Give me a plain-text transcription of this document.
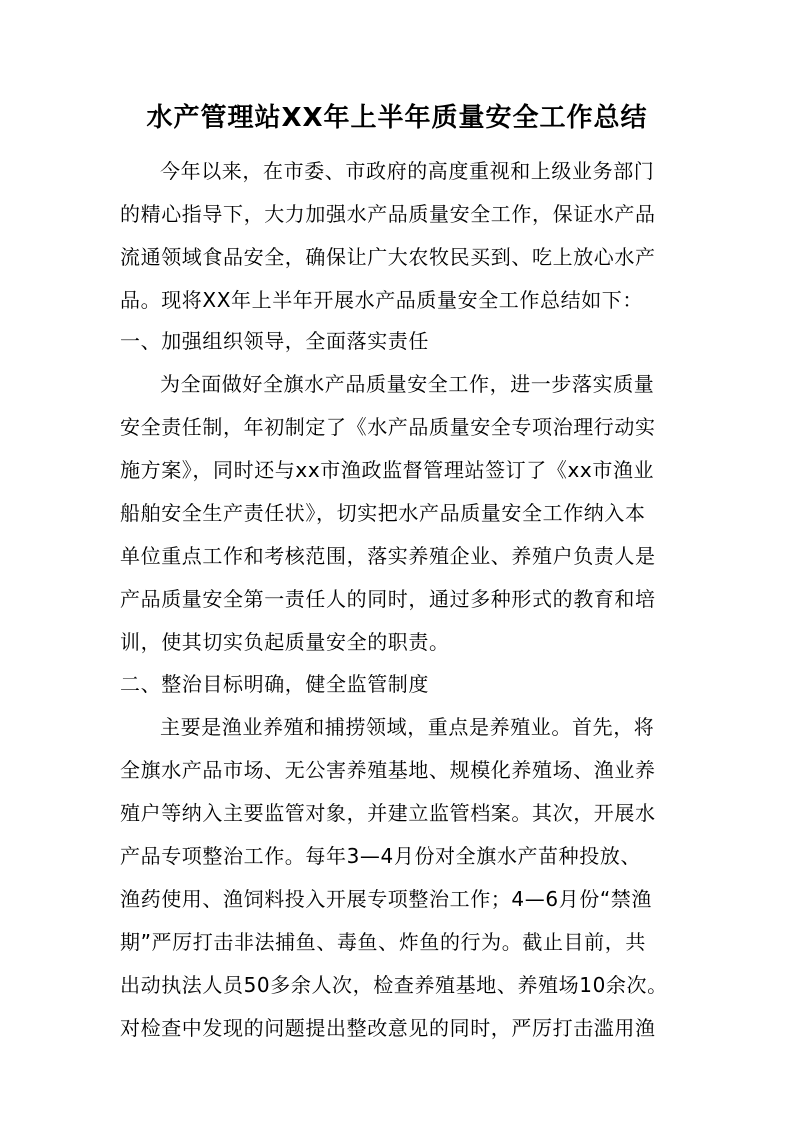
水产管理站XX年上半年质量安全工作总结
今年以来，在市委、市政府的高度重视和上级业务部门
的精心指导下，大力加强水产品质量安全工作，保证水产品
流通领域食品安全，确保让广大农牧民买到、吃上放心水产
品。现将XX年上半年开展水产品质量安全工作总结如下：
一、加强组织领导，全面落实责任
为全面做好全旗水产品质量安全工作，进一步落实质量
安全责任制，年初制定了《水产品质量安全专项治理行动实
施方案》，同时还与xx市渔政监督管理站签订了《xx市渔业
船舶安全生产责任状》，切实把水产品质量安全工作纳入本
单位重点工作和考核范围，落实养殖企业、养殖户负责人是
产品质量安全第一责任人的同时，通过多种形式的教育和培
训，使其切实负起质量安全的职责。
二、整治目标明确，健全监管制度
主要是渔业养殖和捕捞领域，重点是养殖业。首先，将
全旗水产品市场、无公害养殖基地、规模化养殖场、渔业养
殖户等纳入主要监管对象，并建立监管档案。其次，开展水
产品专项整治工作。每年3—4月份对全旗水产苗种投放、
渔药使用、渔饲料投入开展专项整治工作；4—6月份“禁渔
期”严厉打击非法捕鱼、毒鱼、炸鱼的行为。截止目前，共
出动执法人员50多余人次，检查养殖基地、养殖场10余次。
对检查中发现的问题提出整改意见的同时，严厉打击滥用渔
